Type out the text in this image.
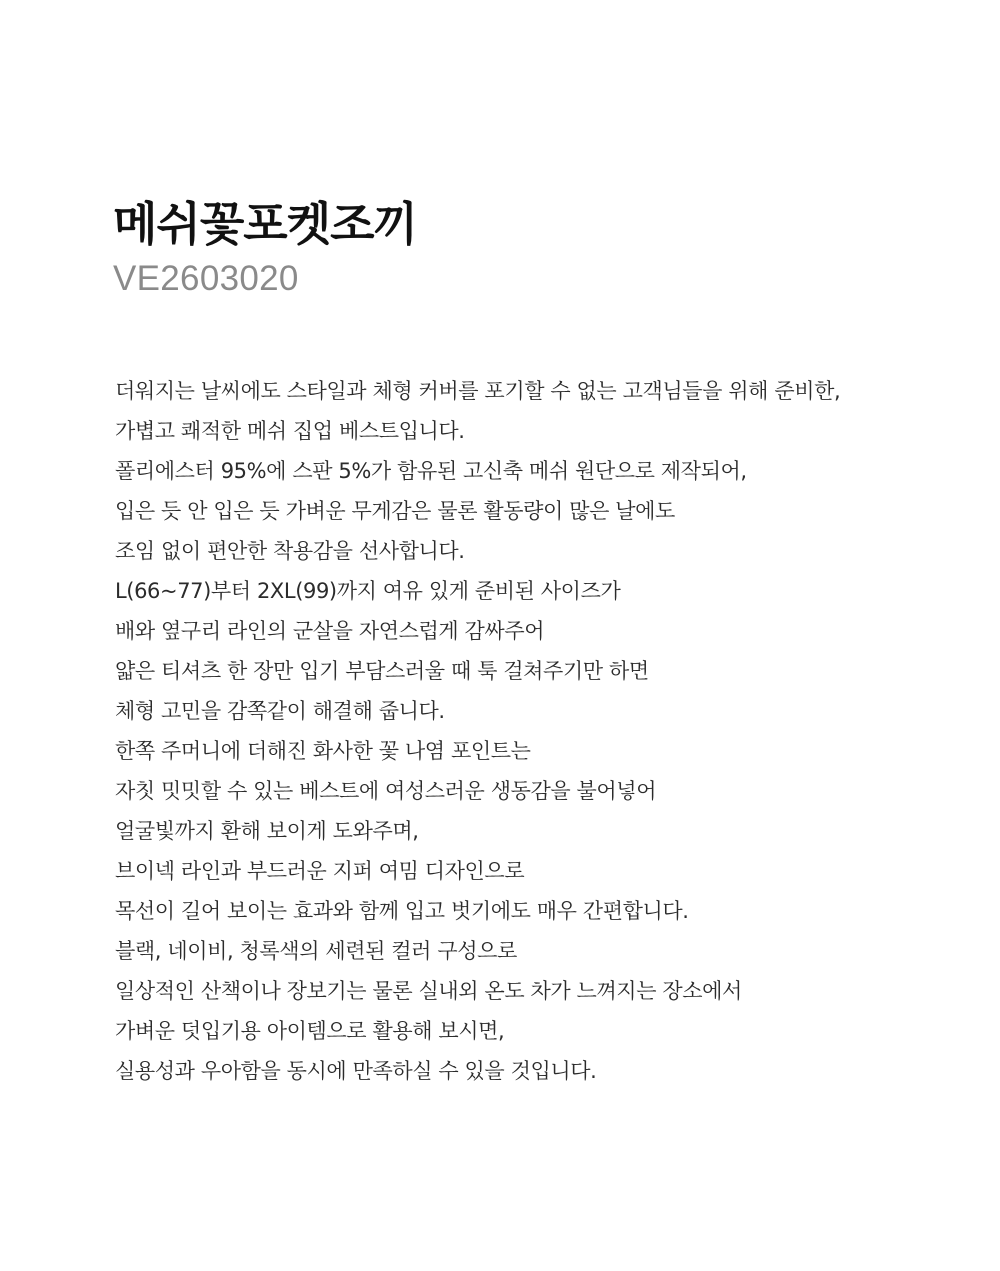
메쉬꽃포켓조끼

VE2603020

더워지는 날씨에도 스타일과 체형 커버를 포기할 수 없는 고객님들을 위해 준비한,
가볍고 쾌적한 메쉬 집업 베스트입니다.
폴리에스터 95%에 스판 5%가 함유된 고신축 메쉬 원단으로 제작되어,
입은 듯 안 입은 듯 가벼운 무게감은 물론 활동량이 많은 날에도
조임 없이 편안한 착용감을 선사합니다.
L(66~77)부터 2XL(99)까지 여유 있게 준비된 사이즈가
배와 옆구리 라인의 군살을 자연스럽게 감싸주어
얇은 티셔츠 한 장만 입기 부담스러울 때 툭 걸쳐주기만 하면
체형 고민을 감쪽같이 해결해 줍니다.
한쪽 주머니에 더해진 화사한 꽃 나염 포인트는
자칫 밋밋할 수 있는 베스트에 여성스러운 생동감을 불어넣어
얼굴빛까지 환해 보이게 도와주며,
브이넥 라인과 부드러운 지퍼 여밈 디자인으로
목선이 길어 보이는 효과와 함께 입고 벗기에도 매우 간편합니다.
블랙, 네이비, 청록색의 세련된 컬러 구성으로
일상적인 산책이나 장보기는 물론 실내외 온도 차가 느껴지는 장소에서
가벼운 덧입기용 아이템으로 활용해 보시면,
실용성과 우아함을 동시에 만족하실 수 있을 것입니다.
